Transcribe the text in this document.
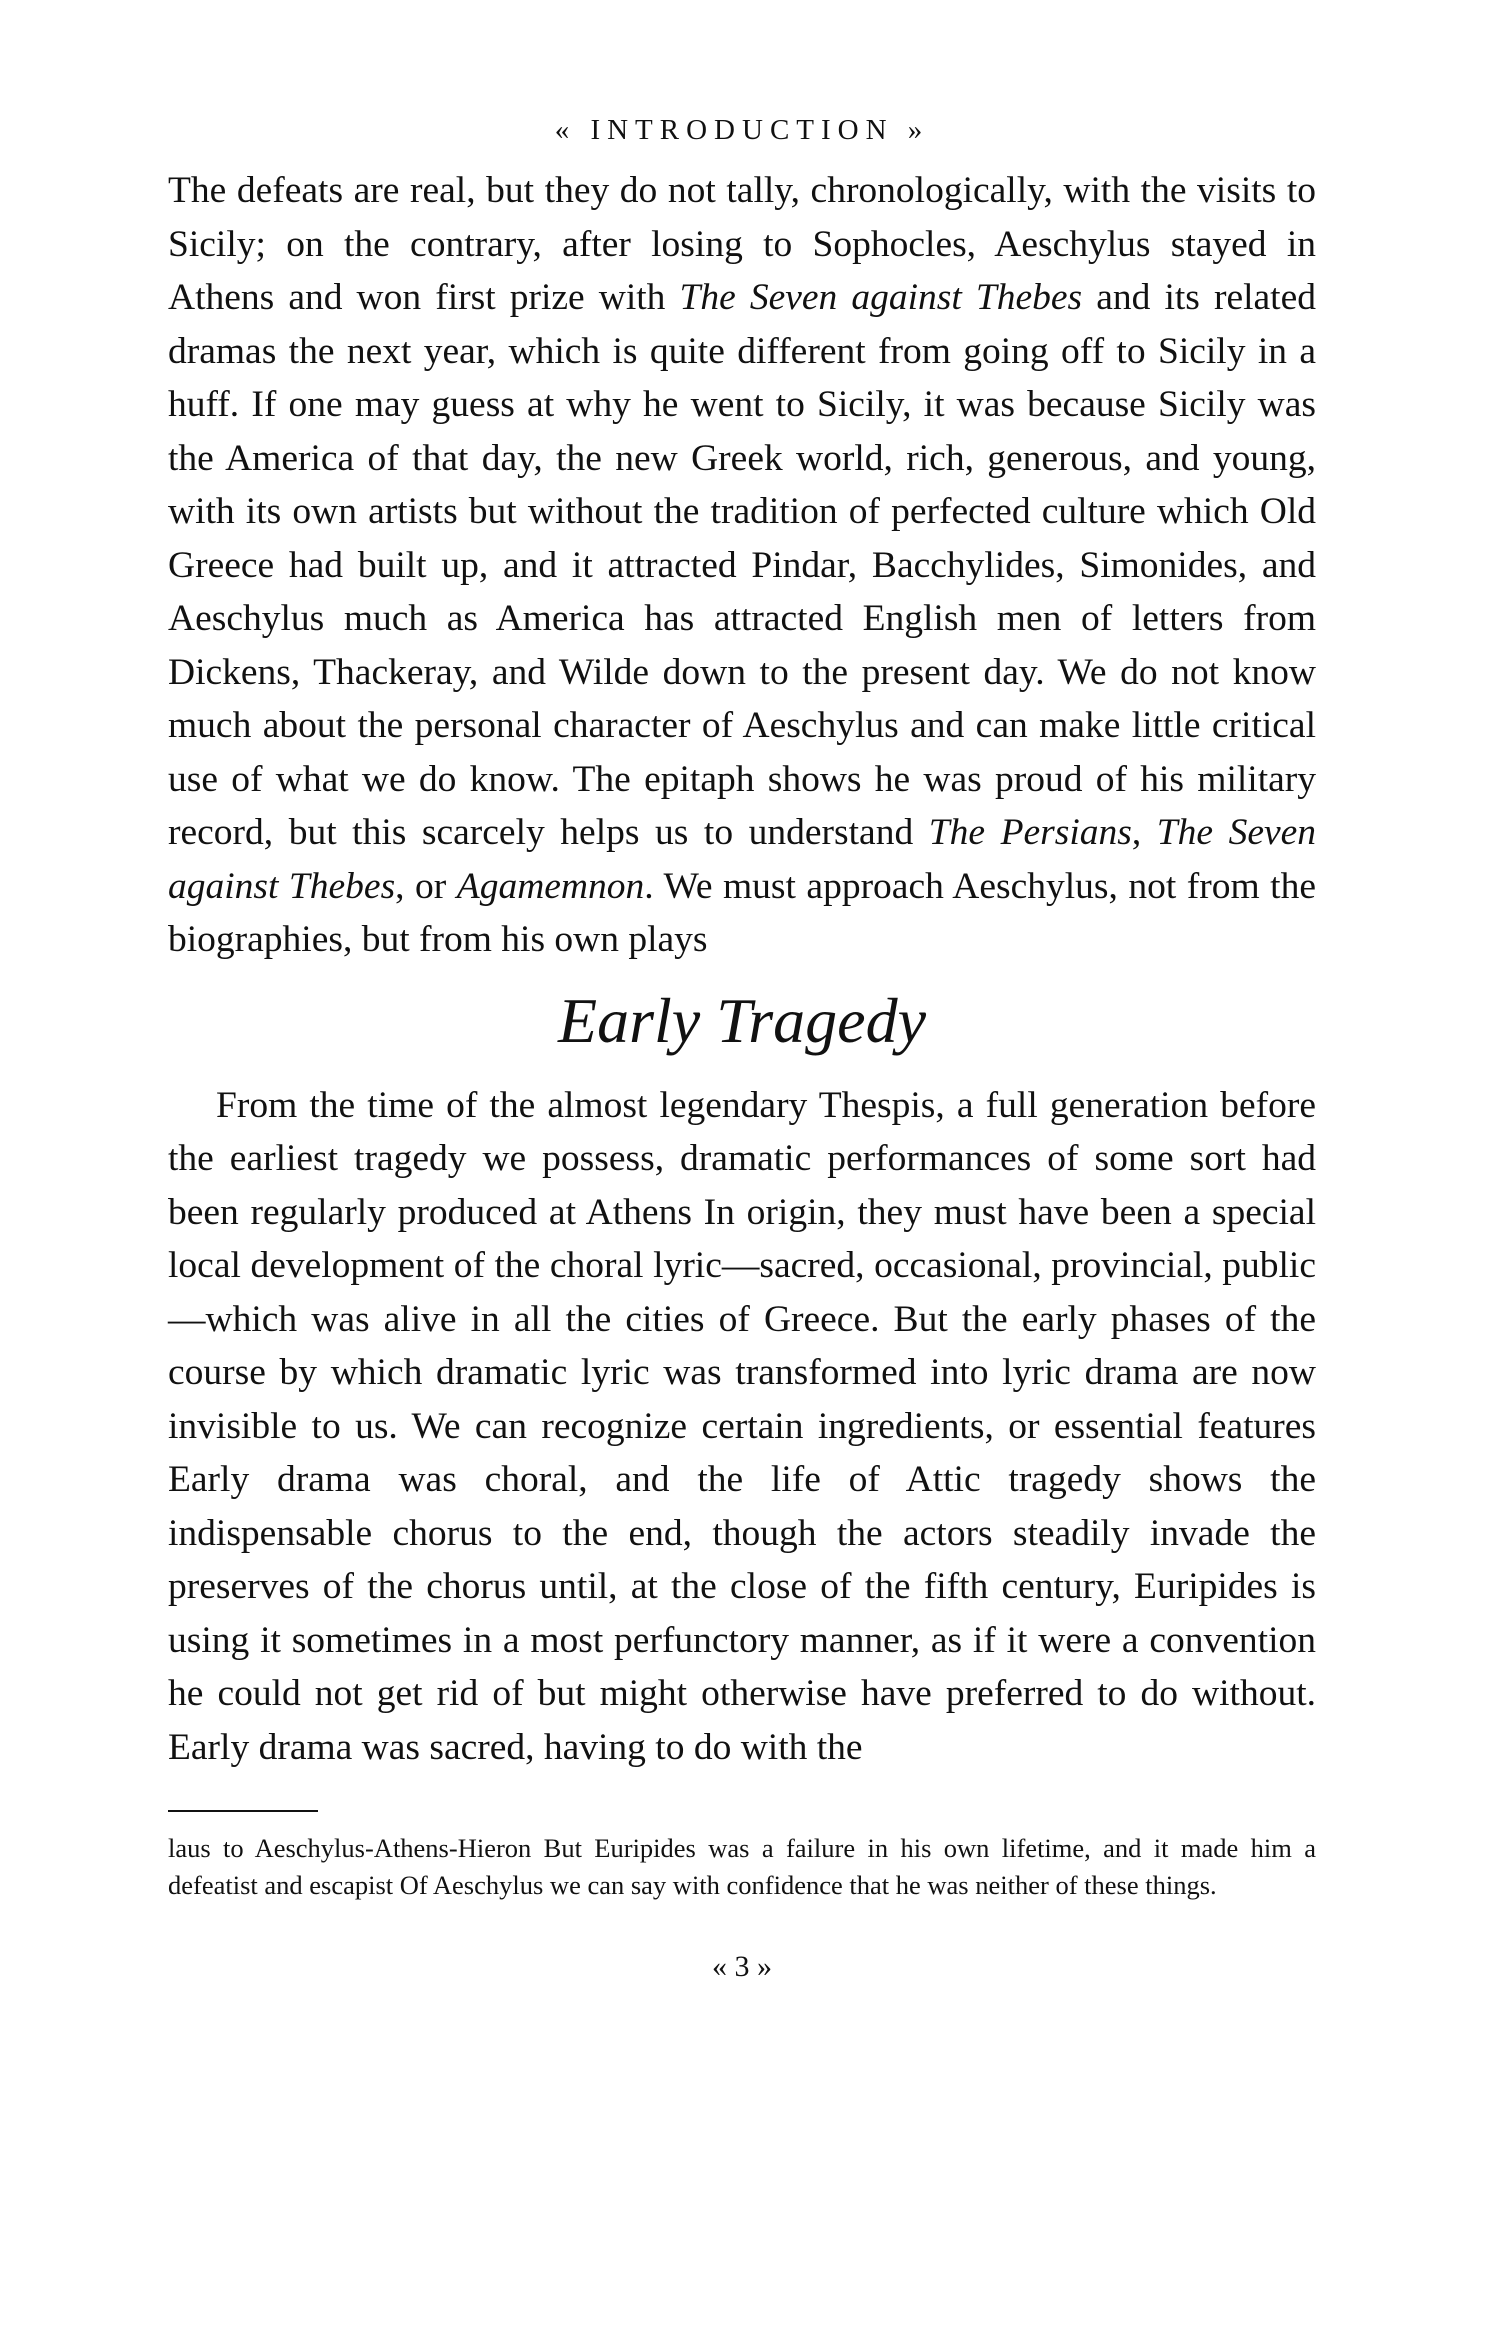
« INTRODUCTION »

The defeats are real, but they do not tally, chronologically, with the visits to Sicily; on the contrary, after losing to Sophocles, Aeschylus stayed in Athens and won first prize with The Seven against Thebes and its related dramas the next year, which is quite different from going off to Sicily in a huff. If one may guess at why he went to Sicily, it was because Sicily was the America of that day, the new Greek world, rich, generous, and young, with its own artists but without the tradition of perfected culture which Old Greece had built up, and it attracted Pindar, Bacchylides, Simonides, and Aeschylus much as America has attracted English men of letters from Dickens, Thackeray, and Wilde down to the present day. We do not know much about the personal character of Aeschylus and can make little critical use of what we do know. The epitaph shows he was proud of his military record, but this scarcely helps us to understand The Persians, The Seven against Thebes, or Agamemnon. We must approach Aeschylus, not from the biographies, but from his own plays

Early Tragedy

From the time of the almost legendary Thespis, a full generation before the earliest tragedy we possess, dramatic performances of some sort had been regularly produced at Athens In origin, they must have been a special local development of the choral lyric—sacred, occasional, provincial, public—which was alive in all the cities of Greece. But the early phases of the course by which dramatic lyric was transformed into lyric drama are now invisible to us. We can recognize certain ingredients, or essential features Early drama was choral, and the life of Attic tragedy shows the indispensable chorus to the end, though the actors steadily invade the preserves of the chorus until, at the close of the fifth century, Euripides is using it sometimes in a most perfunctory manner, as if it were a convention he could not get rid of but might otherwise have preferred to do without. Early drama was sacred, having to do with the

laus to Aeschylus-Athens-Hieron But Euripides was a failure in his own lifetime, and it made him a defeatist and escapist Of Aeschylus we can say with confidence that he was neither of these things.

« 3 »
